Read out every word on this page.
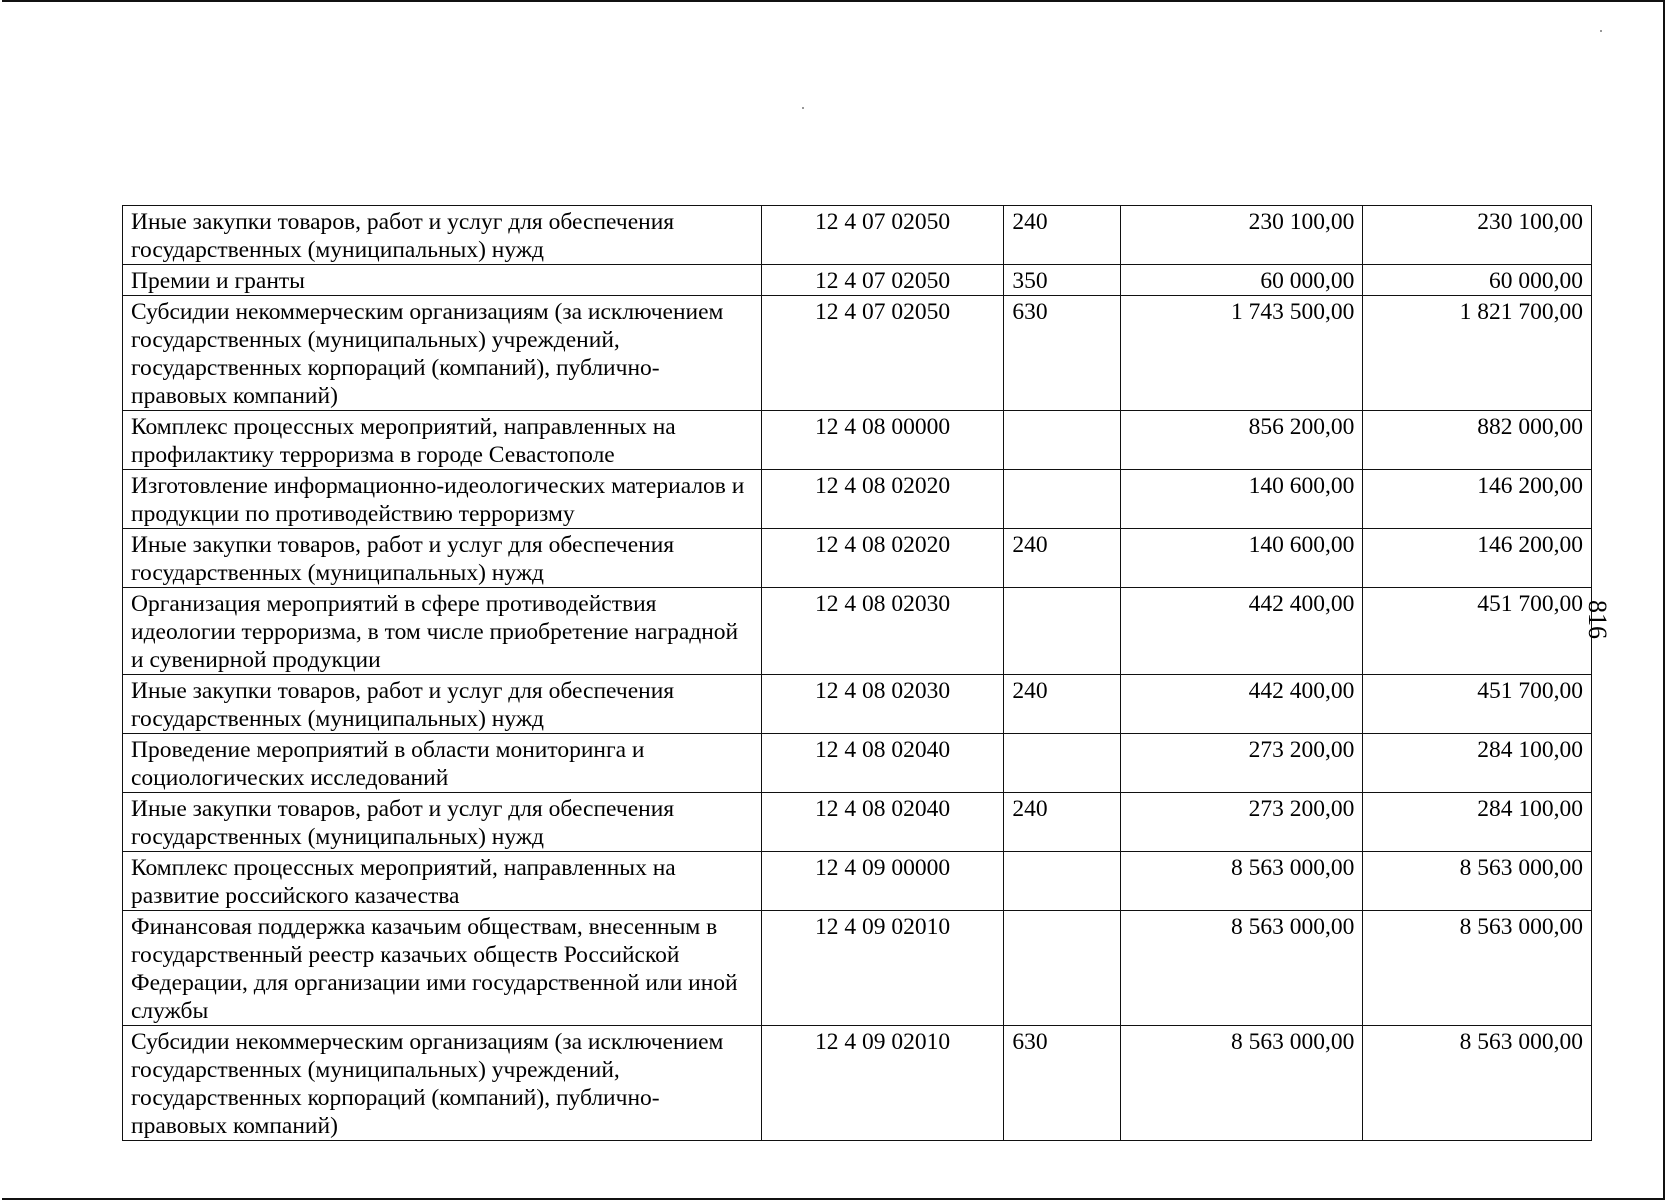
Иные закупки товаров, работ и услуг для обеспечения государственных (муниципальных) нужд	12 4 07 02050	240	230 100,00	230 100,00
Премии и гранты	12 4 07 02050	350	60 000,00	60 000,00
Субсидии некоммерческим организациям (за исключением государственных (муниципальных) учреждений, государственных корпораций (компаний), публично-правовых компаний)	12 4 07 02050	630	1 743 500,00	1 821 700,00
Комплекс процессных мероприятий, направленных на профилактику терроризма в городе Севастополе	12 4 08 00000		856 200,00	882 000,00
Изготовление информационно-идеологических материалов и продукции по противодействию терроризму	12 4 08 02020		140 600,00	146 200,00
Иные закупки товаров, работ и услуг для обеспечения государственных (муниципальных) нужд	12 4 08 02020	240	140 600,00	146 200,00
Организация мероприятий в сфере противодействия идеологии терроризма, в том числе приобретение наградной и сувенирной продукции	12 4 08 02030		442 400,00	451 700,00
Иные закупки товаров, работ и услуг для обеспечения государственных (муниципальных) нужд	12 4 08 02030	240	442 400,00	451 700,00
Проведение мероприятий в области мониторинга и социологических исследований	12 4 08 02040		273 200,00	284 100,00
Иные закупки товаров, работ и услуг для обеспечения государственных (муниципальных) нужд	12 4 08 02040	240	273 200,00	284 100,00
Комплекс процессных мероприятий, направленных на развитие российского казачества	12 4 09 00000		8 563 000,00	8 563 000,00
Финансовая поддержка казачьим обществам, внесенным в государственный реестр казачьих обществ Российской Федерации, для организации ими государственной или иной службы	12 4 09 02010		8 563 000,00	8 563 000,00
Субсидии некоммерческим организациям (за исключением государственных (муниципальных) учреждений, государственных корпораций (компаний), публично-правовых компаний)	12 4 09 02010	630	8 563 000,00	8 563 000,00
816
